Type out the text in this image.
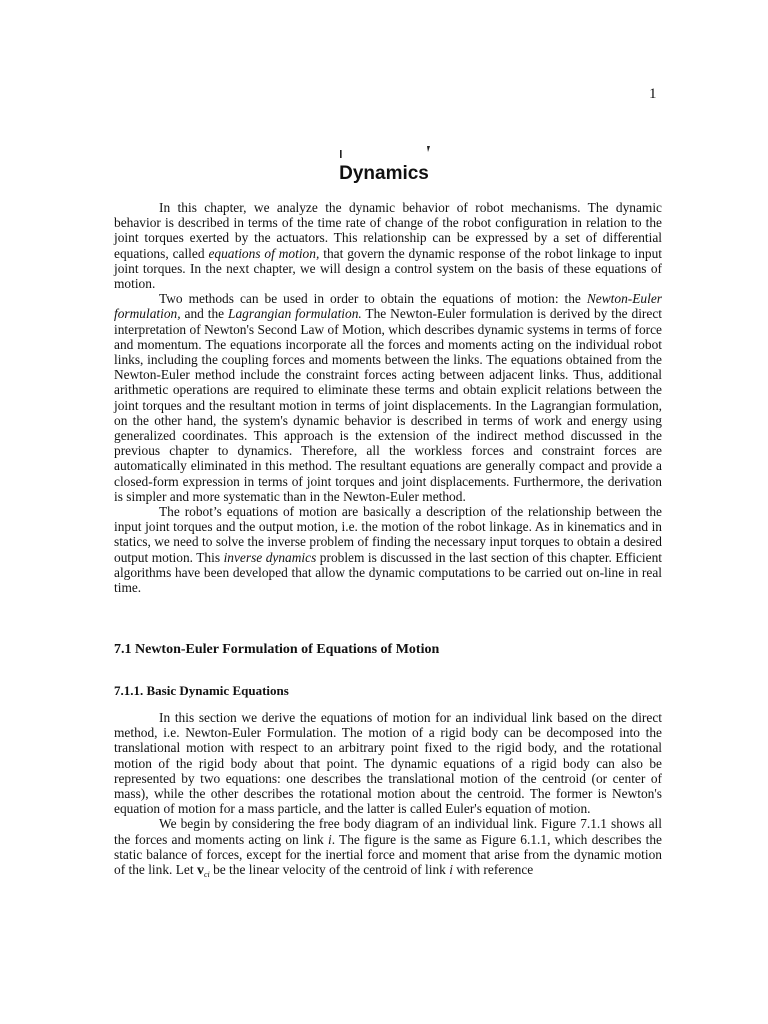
1
Dynamics

In this chapter, we analyze the dynamic behavior of robot mechanisms. The dynamic behavior is described in terms of the time rate of change of the robot configuration in relation to the joint torques exerted by the actuators. This relationship can be expressed by a set of differential equations, called equations of motion, that govern the dynamic response of the robot linkage to input joint torques. In the next chapter, we will design a control system on the basis of these equations of motion.

Two methods can be used in order to obtain the equations of motion: the Newton-Euler formulation, and the Lagrangian formulation. The Newton-Euler formulation is derived by the direct interpretation of Newton's Second Law of Motion, which describes dynamic systems in terms of force and momentum. The equations incorporate all the forces and moments acting on the individual robot links, including the coupling forces and moments between the links. The equations obtained from the Newton-Euler method include the constraint forces acting between adjacent links. Thus, additional arithmetic operations are required to eliminate these terms and obtain explicit relations between the joint torques and the resultant motion in terms of joint displacements. In the Lagrangian formulation, on the other hand, the system's dynamic behavior is described in terms of work and energy using generalized coordinates. This approach is the extension of the indirect method discussed in the previous chapter to dynamics. Therefore, all the workless forces and constraint forces are automatically eliminated in this method. The resultant equations are generally compact and provide a closed-form expression in terms of joint torques and joint displacements. Furthermore, the derivation is simpler and more systematic than in the Newton-Euler method.

The robot’s equations of motion are basically a description of the relationship between the input joint torques and the output motion, i.e. the motion of the robot linkage. As in kinematics and in statics, we need to solve the inverse problem of finding the necessary input torques to obtain a desired output motion. This inverse dynamics problem is discussed in the last section of this chapter. Efficient algorithms have been developed that allow the dynamic computations to be carried out on-line in real time.

7.1 Newton-Euler Formulation of Equations of Motion
7.1.1. Basic Dynamic Equations

In this section we derive the equations of motion for an individual link based on the direct method, i.e. Newton-Euler Formulation. The motion of a rigid body can be decomposed into the translational motion with respect to an arbitrary point fixed to the rigid body, and the rotational motion of the rigid body about that point. The dynamic equations of a rigid body can also be represented by two equations: one describes the translational motion of the centroid (or center of mass), while the other describes the rotational motion about the centroid. The former is Newton's equation of motion for a mass particle, and the latter is called Euler's equation of motion.

We begin by considering the free body diagram of an individual link. Figure 7.1.1 shows all the forces and moments acting on link i. The figure is the same as Figure 6.1.1, which describes the static balance of forces, except for the inertial force and moment that arise from the dynamic motion of the link. Let $v_{ci}$ be the linear velocity of the centroid of link i with reference
